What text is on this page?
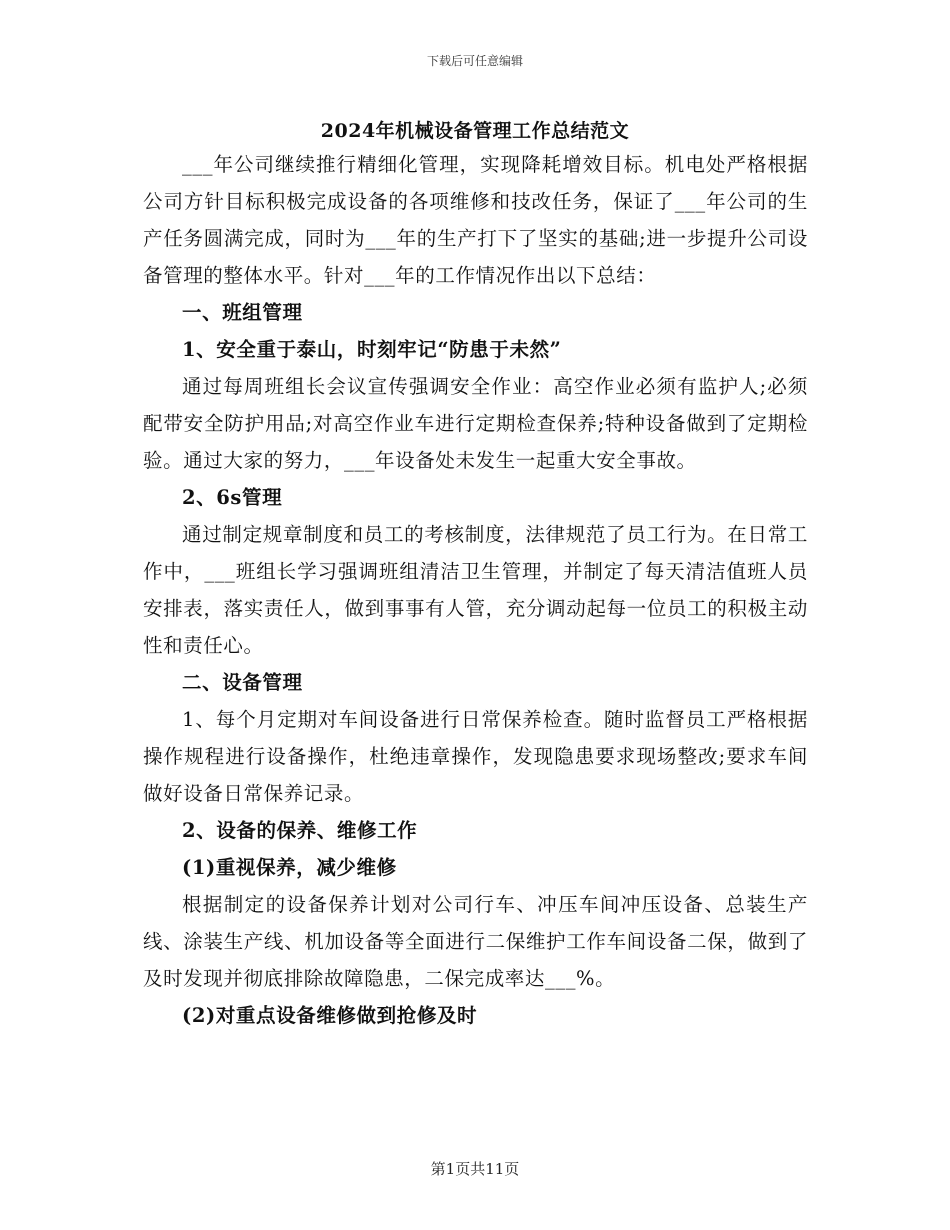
下载后可任意编辑
2024年机械设备管理工作总结范文

___年公司继续推行精细化管理，实现降耗增效目标。机电处严格根据公司方针目标积极完成设备的各项维修和技改任务，保证了___年公司的生产任务圆满完成，同时为___年的生产打下了坚实的基础;进一步提升公司设备管理的整体水平。针对___年的工作情况作出以下总结：

一、班组管理

1、安全重于泰山，时刻牢记“防患于未然”

通过每周班组长会议宣传强调安全作业：高空作业必须有监护人;必须配带安全防护用品;对高空作业车进行定期检查保养;特种设备做到了定期检验。通过大家的努力，___年设备处未发生一起重大安全事故。

2、6s管理

通过制定规章制度和员工的考核制度，法律规范了员工行为。在日常工作中，___班组长学习强调班组清洁卫生管理，并制定了每天清洁值班人员安排表，落实责任人，做到事事有人管，充分调动起每一位员工的积极主动性和责任心。

二、设备管理

1、每个月定期对车间设备进行日常保养检查。随时监督员工严格根据操作规程进行设备操作，杜绝违章操作，发现隐患要求现场整改;要求车间做好设备日常保养记录。

2、设备的保养、维修工作

(1)重视保养，减少维修

根据制定的设备保养计划对公司行车、冲压车间冲压设备、总装生产线、涂装生产线、机加设备等全面进行二保维护工作车间设备二保，做到了及时发现并彻底排除故障隐患，二保完成率达___%。

(2)对重点设备维修做到抢修及时

第1页共11页
